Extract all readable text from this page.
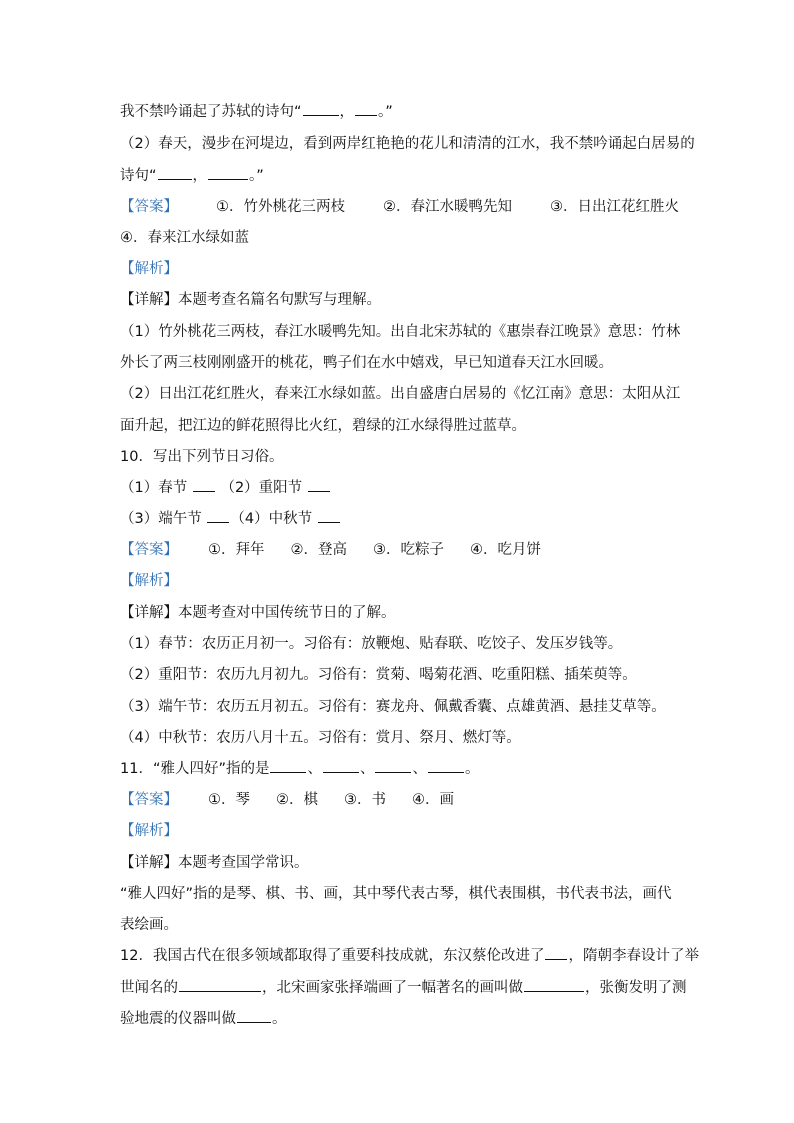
我不禁吟诵起了苏轼的诗句“	， 。”
（2）春天，漫步在河堤边，看到两岸红艳艳的花儿和清清的江水，我不禁吟诵起白居易的
诗句“ ，	。”
【答案】	①．竹外桃花三两枝	②．春江水暖鸭先知	③．日出江花红胜火
④．春来江水绿如蓝
【解析】
【详解】本题考查名篇名句默写与理解。
（1）竹外桃花三两枝，春江水暖鸭先知。出自北宋苏轼的《惠崇春江晚景》意思：竹林
外长了两三枝刚刚盛开的桃花，鸭子们在水中嬉戏，早已知道春天江水回暖。
（2）日出江花红胜火，春来江水绿如蓝。出自盛唐白居易的《忆江南》意思：太阳从江
面升起，把江边的鲜花照得比火红，碧绿的江水绿得胜过蓝草。
10．写出下列节日习俗。
（1）春节 （2）重阳节
（3）端午节 （4）中秋节
【答案】 ①．拜年 ②．登高 ③．吃粽子 ④．吃月饼
【解析】
【详解】本题考查对中国传统节日的了解。
（1）春节：农历正月初一。习俗有：放鞭炮、贴春联、吃饺子、发压岁钱等。
（2）重阳节：农历九月初九。习俗有：赏菊、喝菊花酒、吃重阳糕、插茱萸等。
（3）端午节：农历五月初五。习俗有：赛龙舟、佩戴香囊、点雄黄酒、悬挂艾草等。
（4）中秋节：农历八月十五。习俗有：赏月、祭月、燃灯等。
11．“雅人四好”指的是	、	、	、	。
【答案】 ①．琴 ②．棋 ③．书 ④．画
【解析】
【详解】本题考查国学常识。
“雅人四好”指的是琴、棋、书、画，其中琴代表古琴，棋代表围棋，书代表书法，画代
表绘画。
12．我国古代在很多领域都取得了重要科技成就，东汉蔡伦改进了 ，隋朝李春设计了举
世闻名的	，北宋画家张择端画了一幅著名的画叫做	，张衡发明了测
验地震的仪器叫做 。
